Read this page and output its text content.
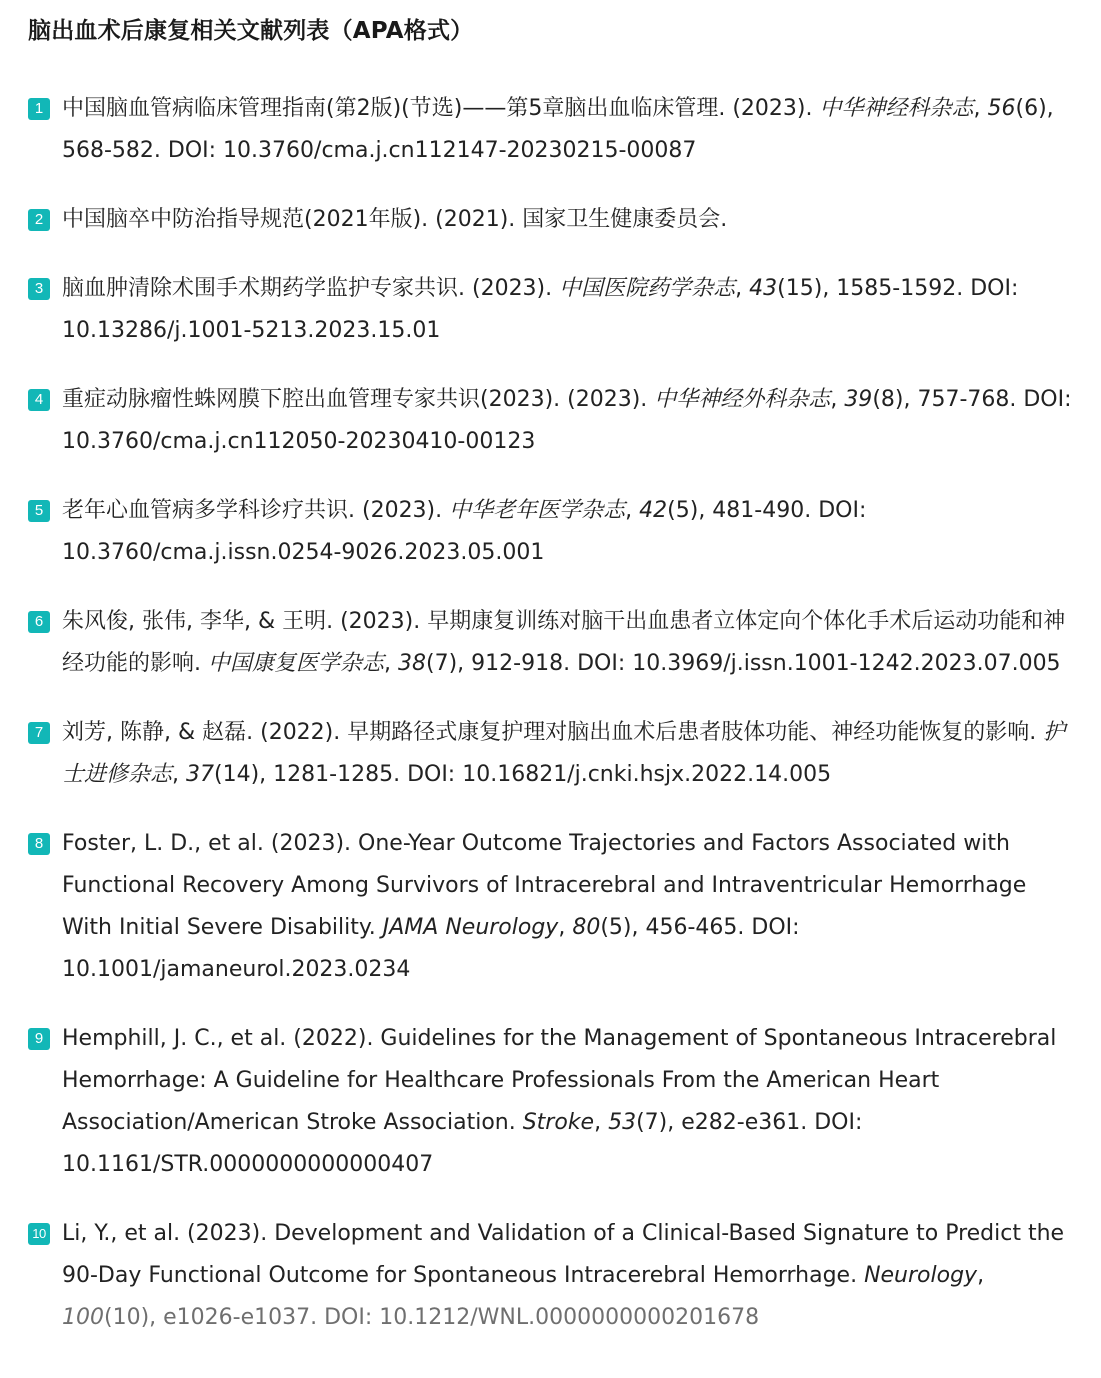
脑出血术后康复相关文献列表（APA格式）
1 中国脑血管病临床管理指南(第2版)(节选)——第5章脑出血临床管理. (2023). 中华神经科杂志, 56(6), 568-582. DOI: 10.3760/cma.j.cn112147-20230215-00087
2 中国脑卒中防治指导规范(2021年版). (2021). 国家卫生健康委员会.
3 脑血肿清除术围手术期药学监护专家共识. (2023). 中国医院药学杂志, 43(15), 1585-1592. DOI: 10.13286/j.1001-5213.2023.15.01
4 重症动脉瘤性蛛网膜下腔出血管理专家共识(2023). (2023). 中华神经外科杂志, 39(8), 757-768. DOI: 10.3760/cma.j.cn112050-20230410-00123
5 老年心血管病多学科诊疗共识. (2023). 中华老年医学杂志, 42(5), 481-490. DOI: 10.3760/cma.j.issn.0254-9026.2023.05.001
6 朱风俊, 张伟, 李华, & 王明. (2023). 早期康复训练对脑干出血患者立体定向个体化手术后运动功能和神经功能的影响. 中国康复医学杂志, 38(7), 912-918. DOI: 10.3969/j.issn.1001-1242.2023.07.005
7 刘芳, 陈静, & 赵磊. (2022). 早期路径式康复护理对脑出血术后患者肢体功能、神经功能恢复的影响. 护士进修杂志, 37(14), 1281-1285. DOI: 10.16821/j.cnki.hsjx.2022.14.005
8 Foster, L. D., et al. (2023). One-Year Outcome Trajectories and Factors Associated with Functional Recovery Among Survivors of Intracerebral and Intraventricular Hemorrhage With Initial Severe Disability. JAMA Neurology, 80(5), 456-465. DOI: 10.1001/jamaneurol.2023.0234
9 Hemphill, J. C., et al. (2022). Guidelines for the Management of Spontaneous Intracerebral Hemorrhage: A Guideline for Healthcare Professionals From the American Heart Association/American Stroke Association. Stroke, 53(7), e282-e361. DOI: 10.1161/STR.0000000000000407
10 Li, Y., et al. (2023). Development and Validation of a Clinical-Based Signature to Predict the 90-Day Functional Outcome for Spontaneous Intracerebral Hemorrhage. Neurology, 100(10), e1026-e1037. DOI: 10.1212/WNL.0000000000201678
